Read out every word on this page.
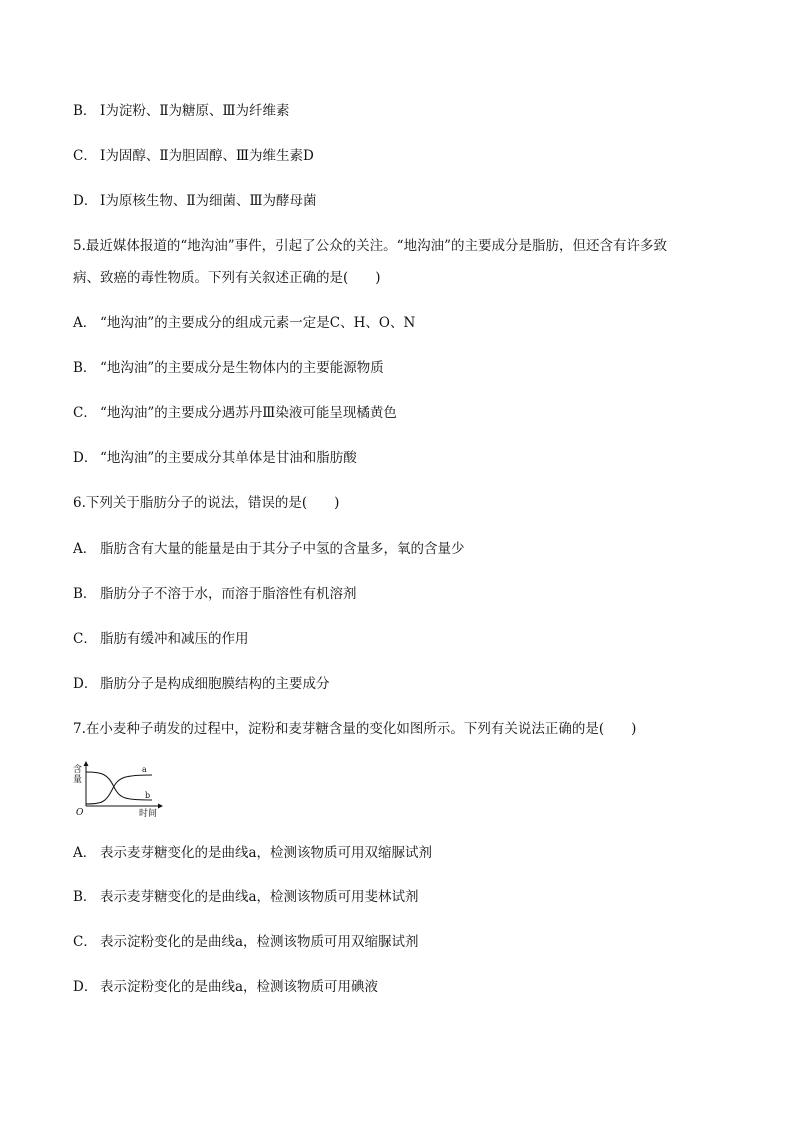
B． Ⅰ为淀粉、Ⅱ为糖原、Ⅲ为纤维素
C． Ⅰ为固醇、Ⅱ为胆固醇、Ⅲ为维生素D
D． Ⅰ为原核生物、Ⅱ为细菌、Ⅲ为酵母菌
5.最近媒体报道的“地沟油”事件，引起了公众的关注。“地沟油”的主要成分是脂肪，但还含有许多致
病、致癌的毒性物质。下列有关叙述正确的是(　　)
A． “地沟油”的主要成分的组成元素一定是C、H、O、N
B． “地沟油”的主要成分是生物体内的主要能源物质
C． “地沟油”的主要成分遇苏丹Ⅲ染液可能呈现橘黄色
D． “地沟油”的主要成分其单体是甘油和脂肪酸
6.下列关于脂肪分子的说法，错误的是(　　)
A． 脂肪含有大量的能量是由于其分子中氢的含量多，氧的含量少
B． 脂肪分子不溶于水，而溶于脂溶性有机溶剂
C． 脂肪有缓冲和减压的作用
D． 脂肪分子是构成细胞膜结构的主要成分
7.在小麦种子萌发的过程中，淀粉和麦芽糖含量的变化如图所示。下列有关说法正确的是(　　)
含
量
O	时间
a
b
A． 表示麦芽糖变化的是曲线a，检测该物质可用双缩脲试剂
B． 表示麦芽糖变化的是曲线a，检测该物质可用斐林试剂
C． 表示淀粉变化的是曲线a，检测该物质可用双缩脲试剂
D． 表示淀粉变化的是曲线a，检测该物质可用碘液
